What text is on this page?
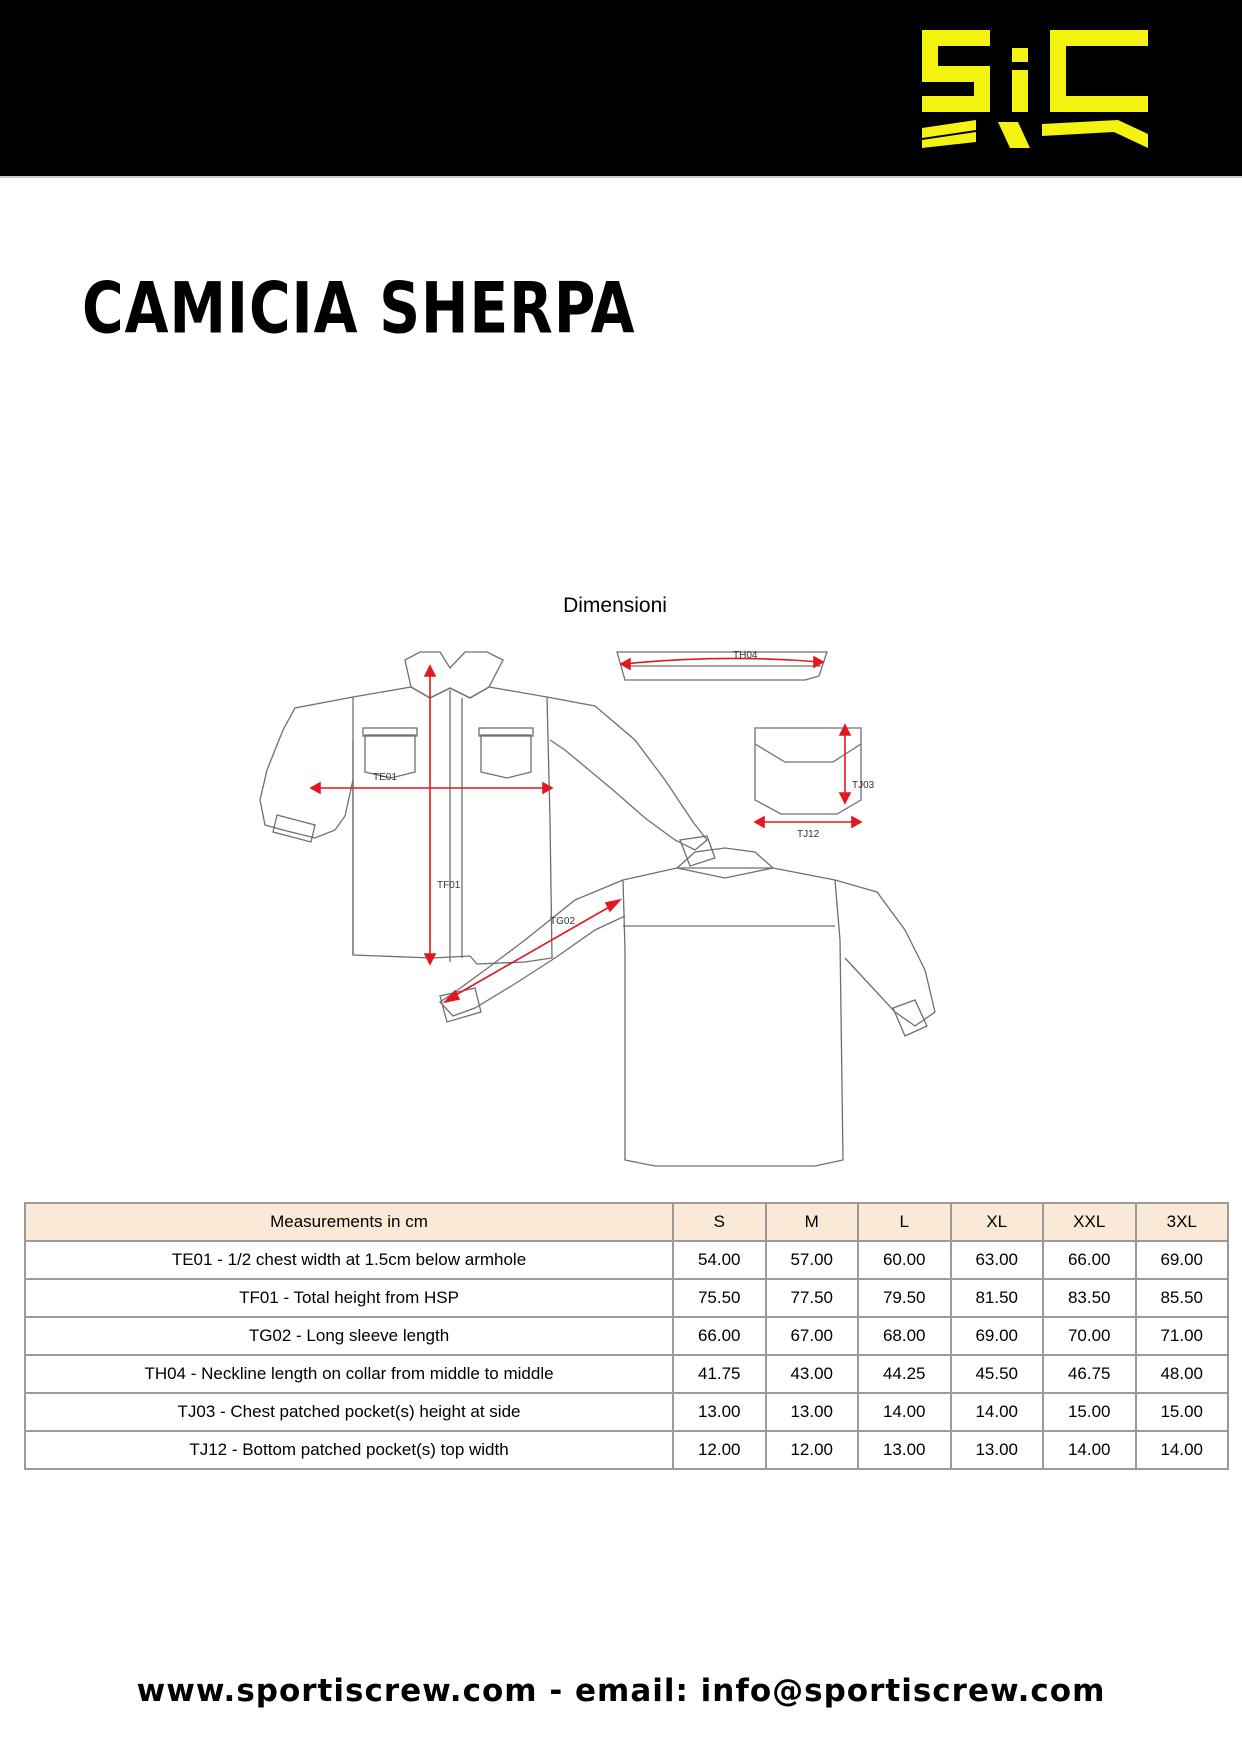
CAMICIA SHERPA
Dimensioni
TE01
TF01
TG02
TH04
TJ03
TJ12
Measurements in cm	S	M	L	XL	XXL	3XL
TE01 - 1/2 chest width at 1.5cm below armhole	54.00	57.00	60.00	63.00	66.00	69.00
TF01 - Total height from HSP	75.50	77.50	79.50	81.50	83.50	85.50
TG02 - Long sleeve length	66.00	67.00	68.00	69.00	70.00	71.00
TH04 - Neckline length on collar from middle to middle	41.75	43.00	44.25	45.50	46.75	48.00
TJ03 - Chest patched pocket(s) height at side	13.00	13.00	14.00	14.00	15.00	15.00
TJ12 - Bottom patched pocket(s) top width	12.00	12.00	13.00	13.00	14.00	14.00
www.sportiscrew.com - email: info@sportiscrew.com
